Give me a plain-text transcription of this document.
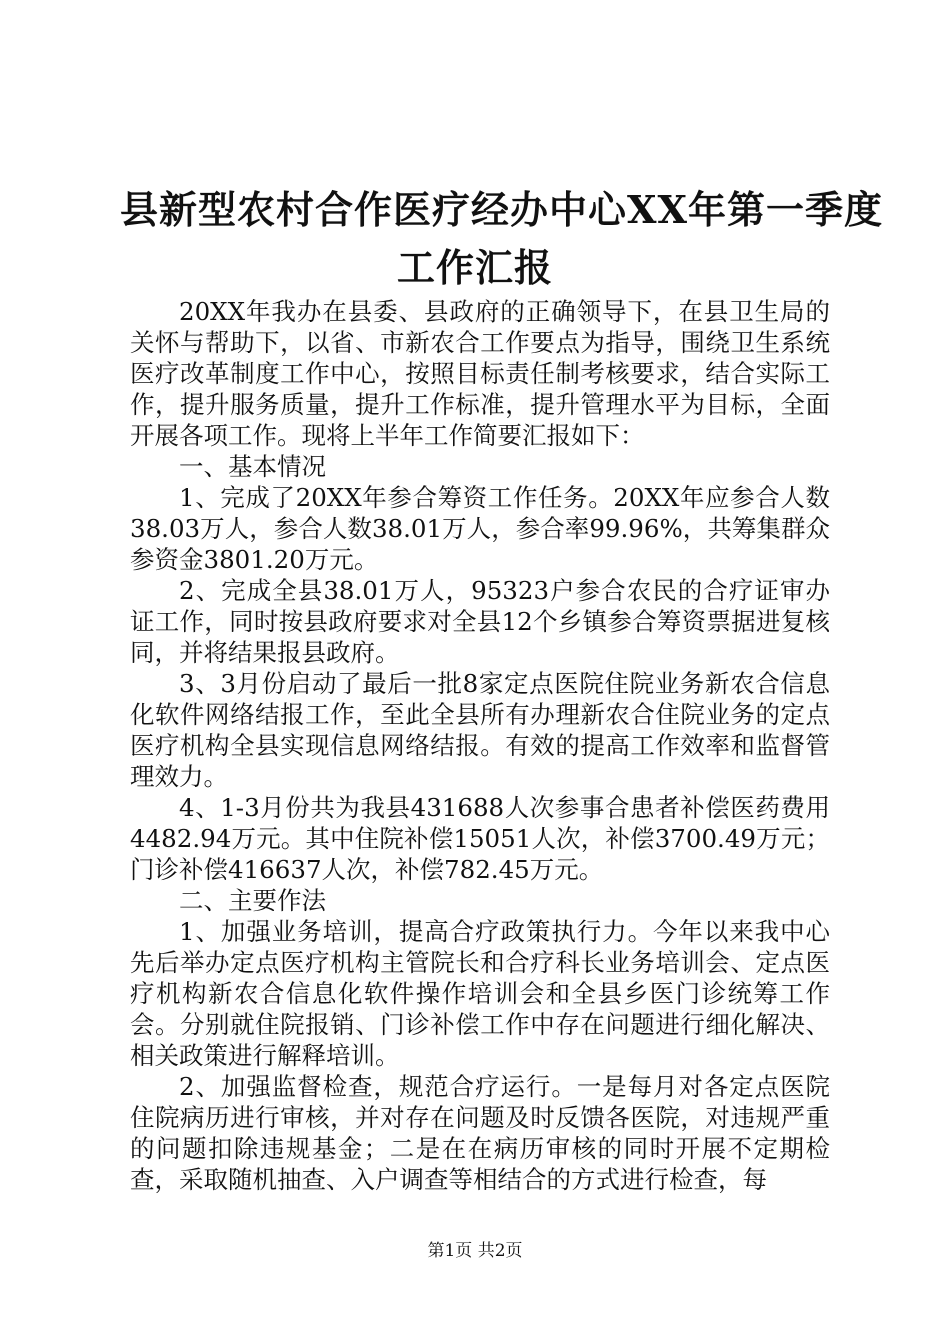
县新型农村合作医疗经办中心XX年第一季度
工作汇报

20XX年我办在县委、县政府的正确领导下，在县卫生局的关怀与帮助下，以省、市新农合工作要点为指导，围绕卫生系统医疗改革制度工作中心，按照目标责任制考核要求，结合实际工作，提升服务质量，提升工作标准，提升管理水平为目标，全面开展各项工作。现将上半年工作简要汇报如下：

一、基本情况

1、完成了20XX年参合筹资工作任务。20XX年应参合人数38.03万人，参合人数38.01万人，参合率99.96%，共筹集群众参资金3801.20万元。

2、完成全县38.01万人，95323户参合农民的合疗证审办证工作，同时按县政府要求对全县12个乡镇参合筹资票据进复核同，并将结果报县政府。

3、3月份启动了最后一批8家定点医院住院业务新农合信息化软件网络结报工作，至此全县所有办理新农合住院业务的定点医疗机构全县实现信息网络结报。有效的提高工作效率和监督管理效力。

4、1-3月份共为我县431688人次参事合患者补偿医药费用4482.94万元。其中住院补偿15051人次，补偿3700.49万元；门诊补偿416637人次，补偿782.45万元。

二、主要作法

1、加强业务培训，提高合疗政策执行力。今年以来我中心先后举办定点医疗机构主管院长和合疗科长业务培训会、定点医疗机构新农合信息化软件操作培训会和全县乡医门诊统筹工作会。分别就住院报销、门诊补偿工作中存在问题进行细化解决、相关政策进行解释培训。

2、加强监督检查，规范合疗运行。一是每月对各定点医院住院病历进行审核，并对存在问题及时反馈各医院，对违规严重的问题扣除违规基金；二是在在病历审核的同时开展不定期检查，采取随机抽查、入户调查等相结合的方式进行检查，每

第1页 共2页
